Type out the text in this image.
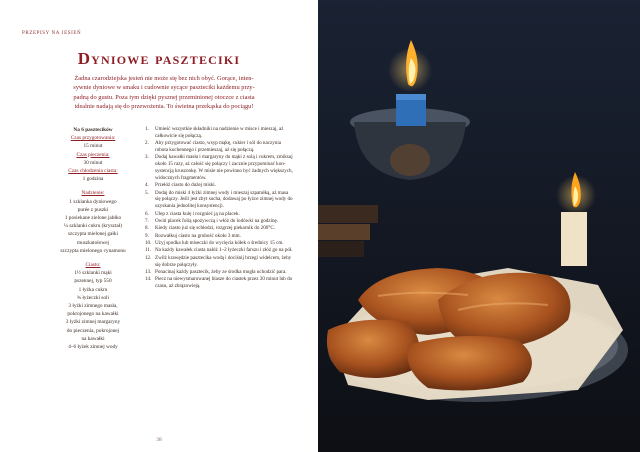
PRZEPISY NA JESIEŃ
Dyniowe paszteciki

Żadna czarodziejska jesień nie może się bez nich obyć. Gorące, inten-

sywnie dyniowe w smaku i cudownie sycące paszteciki każdemu przy-

padną do gustu. Poza tym dzięki pysznej przeminionej otoczce z ciasta

idealnie nadają się do przewożenia. To świetna przekąska do pociągu!

Na 6 pasztecików
Czas przygotowania:
15 minut
Czas pieczenia:
30 minut
Czas chłodzenia ciasta:
1 godzina
Nadzienie:
1 szklanka dyniowego
purée z puszki
1 posiekane zielone jabłko
¼ szklanki cukru (kryształ)
szczypta mielonej gałki
muszkatołowej
szczypta mielonego cynamonu
Ciasto:
1½ szklanki mąki
pszennej, typ 550
1 łyżka cukru
¾ łyżeczki soli
3 łyżki zimnego masła,
pokrojonego na kawałki
3 łyżki zimnej margaryny
do pieczenia, pokrojonej
na kawałki
4–6 łyżek zimnej wody
1.	Umieść wszystkie składniki na nadzienie w misce i mieszaj, aż całkowicie się połączą.
2.	Aby przygotować ciasto, wsyp mąkę, cukier i sól do naczynia robota kuchennego i przemieszaj, aż się połączą.
3.	Dodaj kawałki masła i margaryny do mąki z solą i cukrem, zmiksuj około 15 razy, aż całość się połączy i zacznie przypominać konsystencją kruszonkę. W misie nie powinno być żadnych większych, widocznych fragmentów.
4.	Przełóż ciasto do dużej miski.
5.	Dodaj do miski 4 łyżki zimnej wody i mieszaj szpatułką, aż masa się połączy. Jeśli jest zbyt sucha, dodawaj po łyżce zimnej wody do uzyskania jednolitej konsystencji.
6.	Ulep z ciasta kulę i rozgnieć ją na placek.
7.	Owiń placek folią spożywczą i włóż do lodówki na godzinę.
8.	Kiedy ciasto już się schłodzi, rozgrzej piekarnik do 200°C.
9.	Rozwałkuj ciasto na grubość około 3 mm.
10. Użyj spodka lub miseczki do wycięcia kółek o średnicy 15 cm.
11. Na każdy kawałek ciasta nałóż 1–2 łyżeczki farszu i złóż go na pół.
12. Zwilż krawędzie pasztecika wodą i dociśnij brzegi widelcem, żeby się dobrze połączyły.
13. Ponacinaj każdy pasztecik, żeby ze środka mogła uchodzić para.
14. Piecz na niewysmarowanej blasze do ciastek przez 30 minut lub do czasu, aż zbrązowieją.
38
